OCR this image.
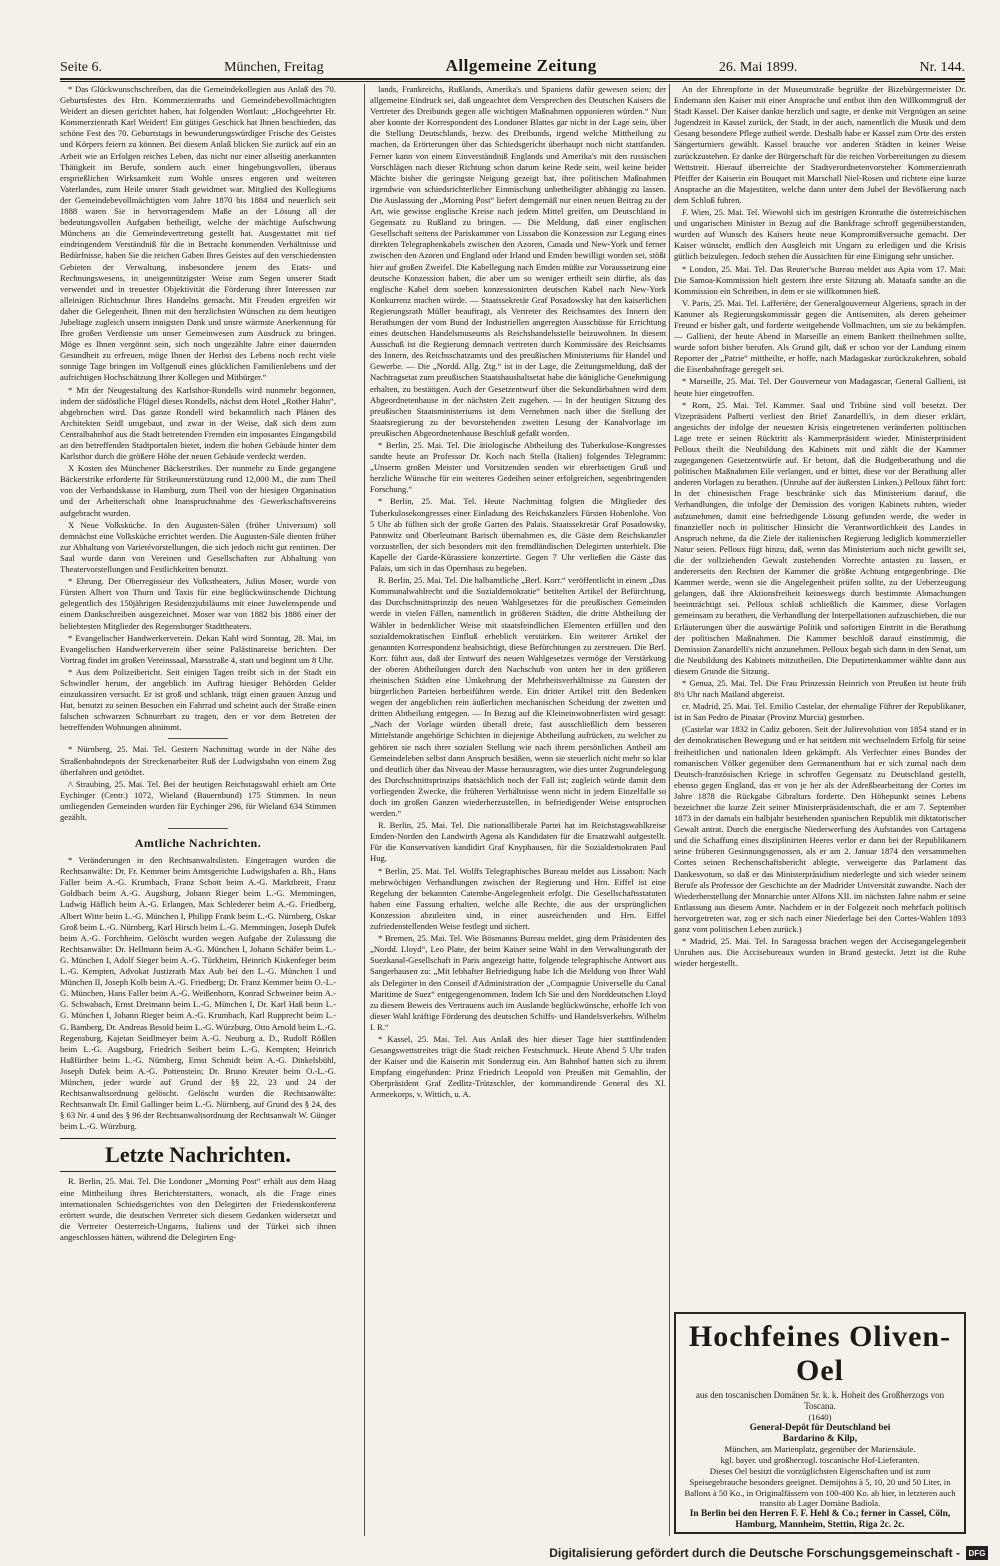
Seite 6.	München, Freitag	Allgemeine Zeitung	26. Mai 1899.	Nr. 144.

* Das Glückwunschschreiben, das die Gemeindekollegien aus Anlaß des 70. Geburtsfestes des Hrn. Kommerzienraths und Gemeindebevollmächtigten Weidert an diesen gerichtet haben, hat folgenden Wortlaut: „Hochgeehrter Hr. Kommerzienrath Karl Weidert! Ein gütiges Geschick hat Ihnen beschieden, das schöne Fest des 70. Geburtstags in bewunderungswürdiger Frische des Geistes und Körpers feiern zu können. Bei diesem Anlaß blicken Sie zurück auf ein an Arbeit wie an Erfolgen reiches Leben, das nicht nur einer allseitig anerkannten Thätigkeit im Berufe, sondern auch einer hingebungsvollen, überaus ersprießlichen Wirksamkeit zum Wohle unsres engeren und weiteren Vaterlandes, zum Heile unsrer Stadt gewidmet war. Mitglied des Kollegiums der Gemeindebevollmächtigten vom Jahre 1870 bis 1884 und neuerlich seit 1888 waren Sie in hervorragendem Maße an der Lösung all der bedeutungsvollen Aufgaben betheiligt, welche der mächtige Aufschwung Münchens an die Gemeindevertretung gestellt hat. Ausgestattet mit tief eindringendem Verständniß für die in Betracht kommenden Verhältnisse und Bedürfnisse, haben Sie die reichen Gaben Ihres Geistes auf den verschiedensten Gebieten der Verwaltung, insbesondere jenem des Etats- und Rechnungswesens, in uneigennützigster Weise zum Segen unserer Stadt verwendet und in treuester Objektivität die Förderung ihrer Interessen zur alleinigen Richtschnur Ihres Handelns gemacht. Mit Freuden ergreifen wir daher die Gelegenheit, Ihnen mit den herzlichsten Wünschen zu dem heutigen Jubeltage zugleich unsern innigsten Dank und unsre wärmste Anerkennung für Ihre großen Verdienste um unser Gemeinwesen zum Ausdruck zu bringen. Möge es Ihnen vergönnt sein, sich noch ungezählte Jahre einer dauernden Gesundheit zu erfreuen, möge Ihnen der Herbst des Lebens noch recht viele sonnige Tage bringen im Vollgenuß eines glücklichen Familienlebens und der aufrichtigen Hochschätzung Ihrer Kollegen und Mitbürger.“

* Mit der Neugestaltung des Karlsthor-Rondells wird nunmehr begonnen, indem der südöstliche Flügel dieses Rondells, nächst dem Hotel „Rother Hahn“, abgebrochen wird. Das ganze Rondell wird bekanntlich nach Plänen des Architekten Seidl umgebaut, und zwar in der Weise, daß sich dem zum Centralbahnhof aus die Stadt betretenden Fremden ein imposantes Eingangsbild an den betreffenden Stadtportalen bietet, indem die hohen Gebäude hinter dem Karlsthor durch die größere Höhe der neuen Gebäude verdeckt werden.

X Kosten des Münchener Bäckerstrikes. Der nunmehr zu Ende gegangene Bäckerstrike erforderte für Strikeunterstützung rund 12,000 M., die zum Theil von der Verbandskasse in Hamburg, zum Theil von der hiesigen Organisation und der Arbeiterschaft ohne Inanspruchnahme des Gewerkschaftsvereins aufgebracht wurden.

X Neue Volksküche. In den Augusten-Sälen (früher Universum) soll demnächst eine Volksküche errichtet werden. Die Augusten-Säle dienten früher zur Abhaltung von Varietévorstellungen, die sich jedoch nicht gut rentirten. Der Saal wurde dann von Vereinen und Gesellschaften zur Abhaltung von Theatervorstellungen und Festlichkeiten benutzt.

* Ehrung. Der Oberregisseur des Volkstheaters, Julius Moser, wurde von Fürsten Albert von Thurn und Taxis für eine beglückwünschende Dichtung gelegentlich des 150jährigen Residenzjubiläums mit einer Juwelenspende und einem Dankschreiben ausgezeichnet. Moser war von 1882 bis 1886 einer der beliebtesten Mitglieder des Regensburger Stadttheaters.

* Evangelischer Handwerkerverein. Dekan Kahl wird Sonntag, 28. Mai, im Evangelischen Handwerkerverein über seine Palästinareise berichten. Der Vortrag findet im großen Vereinssaal, Marsstraße 4, statt und beginnt um 8 Uhr.

* Aus dem Polizeibericht. Seit einigen Tagen treibt sich in der Stadt ein Schwindler herum, der angeblich im Auftrag hiesiger Behörden Gelder einzukassiren versucht. Er ist groß und schlank, trägt einen grauen Anzug und Hut, benutzt zu seinen Besuchen ein Fahrrad und scheint auch der Straße einen falschen schwarzen Schnurrbart zu tragen, den er vor dem Betreten der betreffenden Wohnungen abnimmt.

* Nürnberg, 25. Mai. Tel. Gestern Nachmittag wurde in der Nähe des Straßenbahndepots der Streckenarbeiter Ruß der Ludwigsbahn von einem Zug überfahren und getödtet.

/\ Straubing, 25. Mai. Tel. Bei der heutigen Reichstagswahl erhielt am Orte Eychinger (Centr.) 1072, Wieland (Bauernbund) 175 Stimmen. In neun umliegenden Gemeinden wurden für Eychinger 296, für Wieland 634 Stimmen gezählt.

Amtliche Nachrichten.

* Veränderungen in den Rechtsanwaltslisten. Eingetragen wurden die Rechtsanwälte: Dr. Fr. Kemmer beim Amtsgerichte Ludwigshafen a. Rh., Hans Faller beim A.-G. Krumbach, Franz Schott beim A.-G. Marktbreit, Franz Goldbach beim A.-G. Augsburg, Johann Rieger beim L.-G. Memmingen, Ludwig Häflich beim A.-G. Erlangen, Max Schlederer beim A.-G. Friedberg, Albert Witte beim L.-G. München I, Philipp Frank beim L.-G. Nürnberg, Oskar Groß beim L.-G. Nürnberg, Karl Hirsch beim L.-G. Memmingen, Joseph Dufek beim A.-G. Forchheim. Gelöscht wurden wegen Aufgabe der Zulassung die Rechtsanwälte: Dr. Hellmann beim A.-G. München I, Johann Schäfer beim L.-G. München I, Adolf Sieger beim A.-G. Türkheim, Heinrich Kiskenfeger beim L.-G. Kempten, Advokat Justizrath Max Aub bei den L.-G. München I und München II, Joseph Kolb beim A.-G. Friedberg; Dr. Franz Kemmer beim O.-L.-G. München, Hans Faller beim A.-G. Weißenhorn, Konrad Schweiner beim A.-G. Schwabach, Ernst Dreimann beim L.-G. München I, Dr. Karl Haß beim L.-G. München I, Johann Rieger beim A.-G. Krumbach, Karl Rupprecht beim L.-G. Bamberg, Dr. Andreas Besold beim L.-G. Würzburg, Otto Arnold beim L.-G. Regensburg, Kajetan Seidlmeyer beim A.-G. Neuburg a. D., Rudolf Rößlen beim L.-G. Augsburg, Friedrich Seibert beim L.-G. Kempten; Heinrich Haßfürther beim L.-G. Nürnberg, Ernst Schmidt beim A.-G. Dinkelsbühl, Joseph Dufek beim A.-G. Pottenstein; Dr. Bruno Kreuter beim O.-L.-G. München, jeder wurde auf Grund der §§ 22, 23 und 24 der Rechtsanwaltsordnung gelöscht. Gelöscht wurden die Rechtsanwälte: Rechtsanwalt Dr. Emil Gallinger beim L.-G. Nürnberg, auf Grund des § 24, des § 63 Nr. 4 und des § 96 der Rechtsanwaltsordnung der Rechtsanwalt W. Günger beim L.-G. Würzburg.

Letzte Nachrichten.

R. Berlin, 25. Mai. Tel. Die Londoner „Morning Post“ erhält aus dem Haag eine Mittheilung ihres Berichterstatters, wonach, als die Frage eines internationalen Schiedsgerichtes von den Delegirten der Friedenskonferenz erörtert wurde, die deutschen Vertreter sich diesem Gedanken widersetzt und die Vertreter Oesterreich-Ungarns, Italiens und der Türkei sich ihnen angeschlossen hätten, während die Delegirten Eng-

lands, Frankreichs, Rußlands, Amerika's und Spaniens dafür gewesen seien; der allgemeine Eindruck sei, daß ungeachtet dem Versprechen des Deutschen Kaisers die Vertreter des Dreibunds gegen alle wichtigen Maßnahmen opponieren würden.“ Nun aber konnte der Korrespondent des Londoner Blattes gar nicht in der Lage sein, über die Stellung Deutschlands, bezw. des Dreibunds, irgend welche Mittheilung zu machen, da Erörterungen über das Schiedsgericht überhaupt noch nicht stattfanden. Ferner kann von einem Einverständniß Englands und Amerika's mit den russischen Vorschlägen nach dieser Richtung schon darum keine Rede sein, weil keine beider Mächte bisher die geringste Neigung gezeigt hat, ihre politischen Maßnahmen irgendwie von schiedsrichterlicher Einmischung unbetheiligter abhängig zu lassen. Die Auslassung der „Morning Post“ liefert demgemäß nur einen neuen Beitrag zu der Art, wie gewisse englische Kreise nach jedem Mittel greifen, um Deutschland in Gegensatz zu Rußland zu bringen. — Die Meldung, daß einer englischen Gesellschaft seitens der Pariskammer von Lissabon die Konzession zur Legung eines direkten Telegraphenkabels zwischen den Azoren, Canada und New-York und ferner zwischen den Azoren und England oder Irland und Emden bewilligt worden sei, stößt hier auf großen Zweifel. Die Kabellegung nach Emden müßte zur Voraussetzung eine deutsche Konzession haben, die aber um so weniger ertheilt sein dürfte, als das englische Kabel dem soeben konzessionirten deutschen Kabel nach New-York Konkurrenz machen würde. — Staatssekretär Graf Posadowsky hat den kaiserlichen Regierungsrath Müller beauftragt, als Vertreter des Reichsamtes des Innern den Berathungen der vom Bund der Industriellen angeregten Ausschüsse für Errichtung eines deutschen Handelsmuseums als Reichshandelsstelle beizuwohnen. In diesem Ausschuß ist die Regierung demnach vertreten durch Kommissäre des Reichsamts des Innern, des Reichsschatzamts und des preußischen Ministeriums für Handel und Gewerbe. — Die „Nordd. Allg. Ztg.“ ist in der Lage, die Zeitungsmeldung, daß der Nachtragsetat zum preußischen Staatshaushaltsetat habe die königliche Genehmigung erhalten, zu bestätigen. Auch der Gesetzentwurf über die Sekundärbahnen wird dem Abgeordnetenhause in der nächsten Zeit zugehen. — In der heutigen Sitzung des preußischen Staatsministeriums ist dem Vernehmen nach über die Stellung der Staatsregierung zu der bevorstehenden zweiten Lesung der Kanalvorlage im preußischen Abgeordnetenhause Beschluß gefaßt worden.

* Berlin, 25. Mai. Tel. Die ätiologische Abtheilung des Tuberkulose-Kongresses sandte heute an Professor Dr. Koch nach Stella (Italien) folgendes Telegramm: „Unserm großen Meister und Vorsitzenden senden wir ehrerbietigen Gruß und herzliche Wünsche für ein weiteres Gedeihen seiner erfolgreichen, segenbringenden Forschung.“

* Berlin, 25. Mai. Tel. Heute Nachmittag folgten die Mitglieder des Tuberkulosekongresses einer Einladung des Reichskanzlers Fürsten Hohenlohe. Von 5 Uhr ab füllten sich der große Garten des Palais. Staatssekretär Graf Posadowsky, Pannwitz und Oberleutnant Barisch übernahmen es, die Gäste dem Reichskanzler vorzustellen, der sich besonders mit den fremdländischen Delegirten unterhielt. Die Kapelle der Garde-Kürassiere konzertirte. Gegen 7 Uhr verließen die Gäste das Palais, um sich in das Opernhaus zu begeben.

R. Berlin, 25. Mai. Tel. Die halbamtliche „Berl. Korr.“ veröffentlicht in einem „Das Kommunalwahlrecht und die Sozialdemokratie“ betitelten Artikel der Befürchtung, das Durchschnittsprinzip des neuen Wahlgesetzes für die preußischen Gemeinden werde in vielen Fällen, namentlich in größeren Städten, die dritte Abtheilung der Wähler in bedenklicher Weise mit staatsfeindlichen Elementen erfüllen und den sozialdemokratischen Einfluß erheblich verstärken. Ein weiterer Artikel der genannten Korrespondenz beabsichtigt, diese Befürchtungen zu zerstreuen. Die Berl. Korr. führt aus, daß der Entwurf des neuen Wahlgesetzes vermöge der Verstärkung der oberen Abtheilungen durch den Nachschub von unten her in den größeren rheinischen Städten eine Umkehrung der Mehrheitsverhältnisse zu Gunsten der bürgerlichen Parteien herbeiführen werde. Ein dritter Artikel tritt den Bedenken wegen der angeblichen rein äußerlichen mechanischen Scheidung der zweiten und dritten Abtheilung entgegen. — In Bezug auf die Kleineinwohnerlisten wird gesagt: „Nach der Vorlage würden überall dreie, fast ausschließlich dem besseren Mittelstande angehörige Schichten in diejenige Abtheilung aufrücken, zu welcher zu gehören sie nach ihrer sozialen Stellung wie nach ihrem persönlichen Antheil am Gemeindeleben selbst dann Anspruch besäßen, wenn sie steuerlich nicht mehr so klar und deutlich über das Niveau der Masse herausragten, wie dies unter Zugrundelegung des Durchschnittsprinzips thatsächlich noch der Fall ist; zugleich würde damit dem vorliegenden Zwecke, die früheren Verhältnisse wenn nicht in jedem Einzelfalle so doch im großen Ganzen wiederherzustellen, in befriedigender Weise entsprochen werden.“

R. Berlin, 25. Mai. Tel. Die nationalliberale Partei hat im Reichstagswahlkreise Emden-Norden den Landwirth Agena als Kandidaten für die Ersatzwahl aufgestellt. Für die Konservativen kandidirt Graf Knyphausen, für die Sozialdemokraten Paul Hug.

* Berlin, 25. Mai. Tel. Wolffs Telegraphisches Bureau meldet aus Lissabon: Nach mehrwöchigen Verhandlungen zwischen der Regierung und Hrn. Eiffel ist eine Regelung der bekannten Catembe-Angelegenheit erfolgt. Die Gesellschaftsstatuten haben eine Fassung erhalten, welche alle Rechte, die aus der ursprünglichen Konzession abzuleiten sind, in einer ausreichenden und Hrn. Eiffel zufriedenstellenden Weise festlegt und sichert.

* Bremen, 25. Mai. Tel. Wie Bösmanns Bureau meldet, ging dem Präsidenten des „Nordd. Lloyd“, Leo Plate, der beim Kaiser seine Wahl in den Verwaltungsrath der Suezkanal-Gesellschaft in Paris angezeigt hatte, folgende telegraphische Antwort aus Sangerhausen zu: „Mit lebhafter Befriedigung habe Ich die Meldung von Ihrer Wahl als Delegirter in den Conseil d'Administration der „Compagnie Universelle du Canal Maritime de Suez“ entgegengenommen. Indem Ich Sie und den Norddeutschen Lloyd zu diesem Beweis des Vertrauens auch im Auslande beglückwünsche, erhoffe Ich von dieser Wahl kräftige Förderung des deutschen Schiffs- und Handelsverkehrs. Wilhelm I. R.“

* Kassel, 25. Mai. Tel. Aus Anlaß des hier dieser Tage hier stattfindenden Gesangswettstreites trägt die Stadt reichen Festschmuck. Heute Abend 5 Uhr trafen der Kaiser und die Kaiserin mit Sonderzug ein. Am Bahnhof hatten sich zu ihrem Empfang eingefunden: Prinz Friedrich Leopold von Preußen mit Gemahlin, der Oberpräsident Graf Zedlitz-Trützschler, der kommandirende General des XI. Armeekorps, v. Wittich, u. A.

An der Ehrenpforte in der Museumstraße begrüßte der Bizebürgermeister Dr. Endemann den Kaiser mit einer Ansprache und entbot ihm den Willkommgruß der Stadt Kassel. Der Kaiser dankte herzlich und sagte, er denke mit Vergnügen an seine Jugendzeit in Kassel zurück, der Stadt, in der auch, namentlich die Musik und dem Gesang besondere Pflege zutheil werde. Deshalb habe er Kassel zum Orte des ersten Sängerturniers gewählt. Kassel brauche vor anderen Städten in keiner Weise zurückzustehen. Er danke der Bürgerschaft für die reichen Vorbereitungen zu diesem Wettstreit. Hierauf überreichte der Stadtverordnetenvorsteher Kommerzienrath Pfeiffer der Kaiserin ein Bouquet mit Marschall Niel-Rosen und richtete eine kurze Ansprache an die Majestäten, welche dann unter dem Jubel der Bevölkerung nach dem Schloß fuhren.

F. Wien, 25. Mai. Tel. Wiewohl sich im gestrigen Kronrathe die österreichischen und ungarischen Minister in Bezug auf die Bankfrage schroff gegenüberstanden, wurden auf Wunsch des Kaisers heute neue Kompromißversuche gemacht. Der Kaiser wünscht, endlich den Ausgleich mit Ungarn zu erledigen und die Krisis gütlich beizulegen. Jedoch stehen die Aussichten für eine Einigung sehr unsicher.

* London, 25. Mai. Tel. Das Reuter'sche Bureau meldet aus Apia vom 17. Mai: Die Samoa-Kommission hielt gestern ihre erste Sitzung ab. Mataafa sandte an die Kommission ein Schreiben, in dem er sie willkommen hieß.

V. Paris, 25. Mai. Tel. Lafferière, der Generalgouverneur Algeriens, sprach in der Kammer als Regierungskommissär gegen die Antisemiten, als deren geheimer Freund er bisher galt, und forderte weitgehende Vollmachten, um sie zu bekämpfen. — Gallieni, der heute Abend in Marseille an einem Bankett theilnehmen sollte, wurde sofort bisher berufen. Als Grund gilt, daß er schon vor der Landung einem Reporter der „Patrie“ mittheilte, er hoffe, nach Madagaskar zurückzukehren, sobald die Eisenbahnfrage geregelt sei.

* Marseille, 25. Mai. Tel. Der Gouverneur von Madagascar, General Gallieni, ist heute hier eingetroffen.

* Rom, 25. Mai. Tel. Kammer. Saal und Tribüne sind voll besetzt. Der Vizepräsident Palberti verliest den Brief Zanardelli's, in dem dieser erklärt, angesichts der infolge der neuesten Krisis eingetretenen veränderten politischen Lage trete er seinen Rücktritt als Kammerpräsident wieder. Ministerpräsident Pelloux theilt die Neubildung des Kabinets mit und zählt die der Kammer zugegangenen Gesetzentwürfe auf. Er betont, daß die Budgetberathung und die politischen Maßnahmen Eile verlangen, und er bittet, diese vor der Berathung aller anderen Vorlagen zu berathen. (Unruhe auf der äußersten Linken.) Pelloux fährt fort: In der chinesischen Frage beschränke sich das Ministerium darauf, die Verhandlungen, die infolge der Demission des vorigen Kabinets ruhten, wieder aufzunehmen, damit eine befriedigende Lösung gefunden werde, die weder in finanzieller noch in politischer Hinsicht die Verantwortlichkeit des Landes in Anspruch nehme, da die Ziele der italienischen Regierung lediglich kommerzieller Natur seien. Pelloux fügt hinzu, daß, wenn das Ministerium auch nicht gewillt sei, die der vollziehenden Gewalt zustehenden Vorrechte antasten zu lassen, er andererseits den Rechten der Kammer die größte Achtung entgegenbringe. Die Kammer werde, wenn sie die Angelegenheit prüfen sollte, zu der Ueberzeugung gelangen, daß ihre Aktionsfreiheit keineswegs durch bestimmte Abmachungen beeinträchtigt sei. Pelloux schloß schließlich die Kammer, diese Vorlagen gemeinsam zu berathen, die Verhandlung der Interpellationen aufzuschieben, die nur Erläuterungen über die auswärtige Politik und sofortigen Eintritt in die Berathung der politischen Maßnahmen. Die Kammer beschloß darauf einstimmig, die Demission Zanardelli's nicht anzunehmen. Pelloux begab sich dann in den Senat, um die Neubildung des Kabinets mitzutheilen. Die Deputirtenkammer wählte dann aus diesem Grunde die Sitzung.

* Genua, 25. Mai. Tel. Die Frau Prinzessin Heinrich von Preußen ist heute früh 8½ Uhr nach Mailand abgereist.

cr. Madrid, 25. Mai. Tel. Emilio Castelar, der ehemalige Führer der Republikaner, ist in San Pedro de Pinatar (Provinz Murcia) gestorben.

(Castelar war 1832 in Cadiz geboren. Seit der Julirevolution von 1854 stand er in der demokratischen Bewegung und er hat seitdem mit wechselndem Erfolg für seine freiheitlichen und nationalen Ideen gekämpft. Als Verfechter eines Bundes der romanischen Völker gegenüber dem Germanenthum hat er sich zumal nach dem Deutsch-französischen Kriege in schroffen Gegensatz zu Deutschland gestellt, ebenso gegen England, das er von je her als der Adreßbearbeitung der Cortes im Jahre 1878 die Rückgabe Gibraltars forderte. Den Höhepunkt seines Lebens bezeichnet die kurze Zeit seiner Ministerpräsidentschaft, die er am 7. September 1873 in der damals ein halbjahr bestehenden spanischen Republik mit diktatorischer Gewalt antrat. Durch die energische Niederwerfung des Aufstandes von Cartagena und die Schaffung eines disziplinirten Heeres verlor er dann bei der Republikanern seine früheren Gesinnungsgenossen, als er am 2. Januar 1874 den versammelten Cortes seinen Rechenschaftsbericht ablegte, verweigerte das Parlament das Dankesvotum, so daß er das Ministerpräsidium niederlegte und sich wieder seinem Berufe als Professor der Geschichte an der Madrider Universität zuwandte. Nach der Wiederherstellung der Monarchie unter Alfons XII. im nächsten Jahre nahm er seine Entlassung aus diesem Amte. Nachdem er in der Folgezeit noch mehrfach politisch hervorgetreten war, zog er sich nach einer Niederlage bei den Cortes-Wahlen 1893 ganz vom politischen Leben zurück.)

* Madrid, 25. Mai. Tel. In Saragossa brachen wegen der Accisegangelegenheit Unruhen aus. Die Accisebureaux wurden in Brand gesteckt. Jetzt ist die Ruhe wieder hergestellt.

Hochfeines Oliven-Oel
aus den toscanischen Domänen Sr. k. k. Hoheit des Großherzogs von Toscana.
(1640)
General-Depôt für Deutschland bei
Bardarino & Kilp,
München, am Marienplatz, gegenüber der Mariensäule.
kgl. bayer. und großherzogl. toscanische Hof-Lieferanten.
Dieses Oel besitzt die vorzüglichsten Eigenschaften und ist zum Speisegebrauche besonders geeignet. Demijohns à 5, 10, 20 und 50 Liter, in Ballons à 50 Ko., in Originalfässern von 100-400 Ko. ab hier, in letzteren auch transito ab Lager Domäne Badiola.
In Berlin bei den Herren F. F. Hehl & Co.; ferner in Cassel, Cöln, Hamburg, Mannheim, Stettin, Riga 2c. 2c.
Digitalisierung gefördert durch die Deutsche Forschungsgemeinschaft -	DFG
